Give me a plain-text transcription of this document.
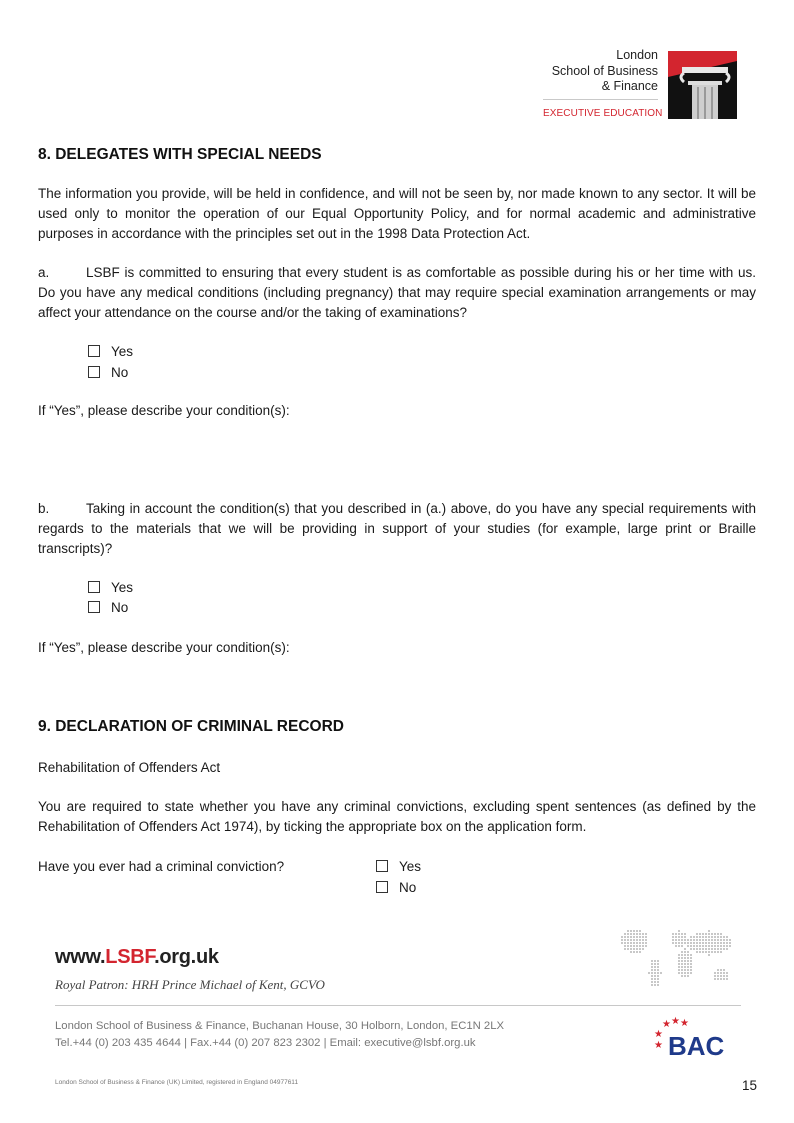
London
School of Business
& Finance
EXECUTIVE EDUCATION
8. DELEGATES WITH SPECIAL NEEDS
The information you provide, will be held in confidence, and will not be seen by, nor made known to any sector. It will be used only to monitor the operation of our Equal Opportunity Policy, and for normal academic and administrative purposes in accordance with the principles set out in the 1998 Data Protection Act.
a.	LSBF is committed to ensuring that every student is as comfortable as possible during his or her time with us. Do you have any medical conditions (including pregnancy) that may require special examination arrangements or may affect your attendance on the course and/or the taking of examinations?
Yes
No
If “Yes”, please describe your condition(s):
b.	Taking in account the condition(s) that you described in (a.) above, do you have any special requirements with regards to the materials that we will be providing in support of your studies (for example, large print or Braille transcripts)?
Yes
No
If “Yes”, please describe your condition(s):
9. DECLARATION OF CRIMINAL RECORD
Rehabilitation of Offenders Act
You are required to state whether you have any criminal convictions, excluding spent sentences (as defined by the Rehabilitation of Offenders Act 1974), by ticking the appropriate box on the application form.
Have you ever had a criminal conviction?	Yes
No
www.LSBF.org.uk
Royal Patron: HRH Prince Michael of Kent, GCVO
London School of Business & Finance, Buchanan House, 30 Holborn, London, EC1N 2LX
Tel.+44 (0) 203 435 4644 | Fax.+44 (0) 207 823 2302 | Email: executive@lsbf.org.uk
★ ★ ★
★
★ BAC
London School of Business & Finance (UK) Limited, registered in England 04977611	15
